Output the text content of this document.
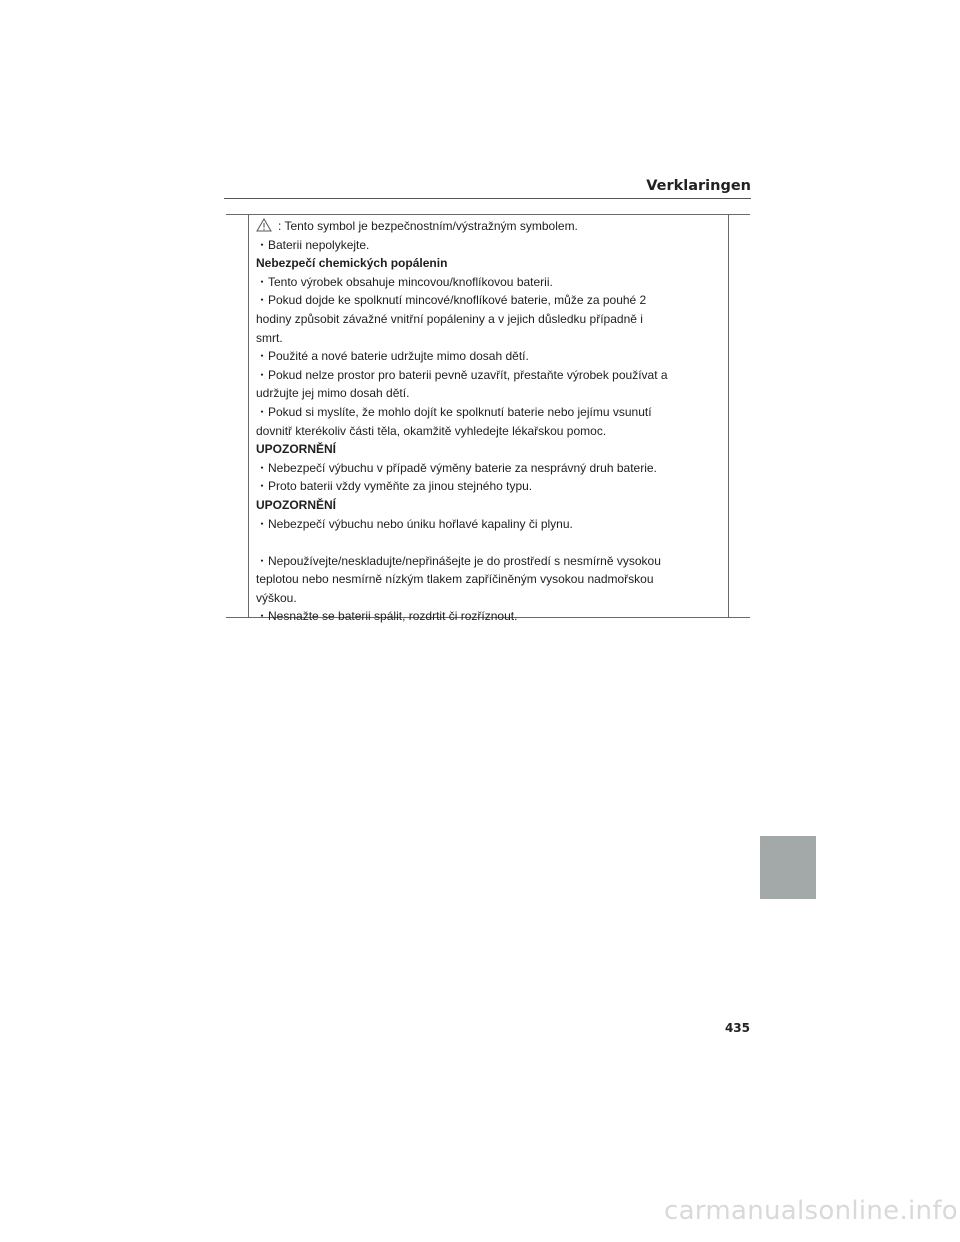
Verklaringen
: Tento symbol je bezpečnostním/výstražným symbolem.
・Baterii nepolykejte.
Nebezpečí chemických popálenin
・Tento výrobek obsahuje mincovou/knoflíkovou baterii.
・Pokud dojde ke spolknutí mincové/knoflíkové baterie, může za pouhé 2
hodiny způsobit závažné vnitřní popáleniny a v jejich důsledku případně i
smrt.
・Použité a nové baterie udržujte mimo dosah dětí.
・Pokud nelze prostor pro baterii pevně uzavřít, přestaňte výrobek používat a
udržujte jej mimo dosah dětí.
・Pokud si myslíte, že mohlo dojít ke spolknutí baterie nebo jejímu vsunutí
dovnitř kterékoliv části těla, okamžitě vyhledejte lékařskou pomoc.
UPOZORNĚNÍ
・Nebezpečí výbuchu v případě výměny baterie za nesprávný druh baterie.
・Proto baterii vždy vyměňte za jinou stejného typu.
UPOZORNĚNÍ
・Nebezpečí výbuchu nebo úniku hořlavé kapaliny či plynu.
・Nepoužívejte/neskladujte/nepřinášejte je do prostředí s nesmírně vysokou
teplotou nebo nesmírně nízkým tlakem zapříčiněným vysokou nadmořskou
výškou.
・Nesnažte se baterii spálit, rozdrtit či rozříznout.
435
carmanualsonline.info
